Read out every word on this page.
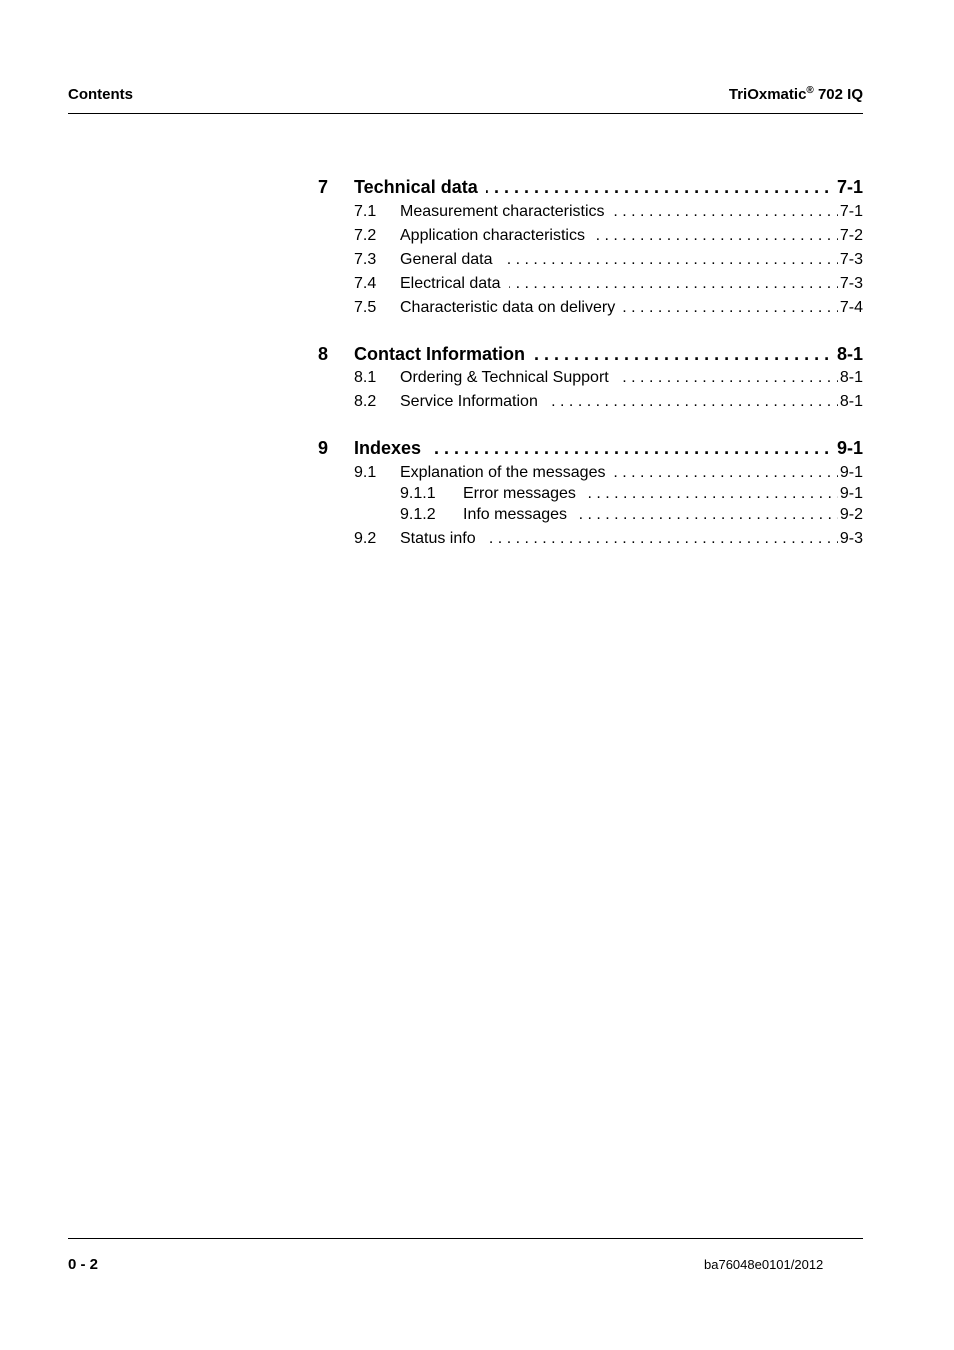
Contents	TriOxmatic® 702 IQ
7 . . . Technical data	7-1
7.1 . . . Measurement characteristics	7-1
7.2 . . . Application characteristics	7-2
7.3 . . . General data	7-3
7.4 . . . Electrical data	7-3
7.5 . . . Characteristic data on delivery	7-4
8 . . . Contact Information	8-1
8.1 . . . Ordering & Technical Support	8-1
8.2 . . . Service Information	8-1
9 . . . Indexes	9-1
9.1 . . . Explanation of the messages	9-1
9.1.1 . . . Error messages	9-1
9.1.2 . . . Info messages	9-2
9.2 . . . Status info	9-3
0 - 2	ba76048e0101/2012
